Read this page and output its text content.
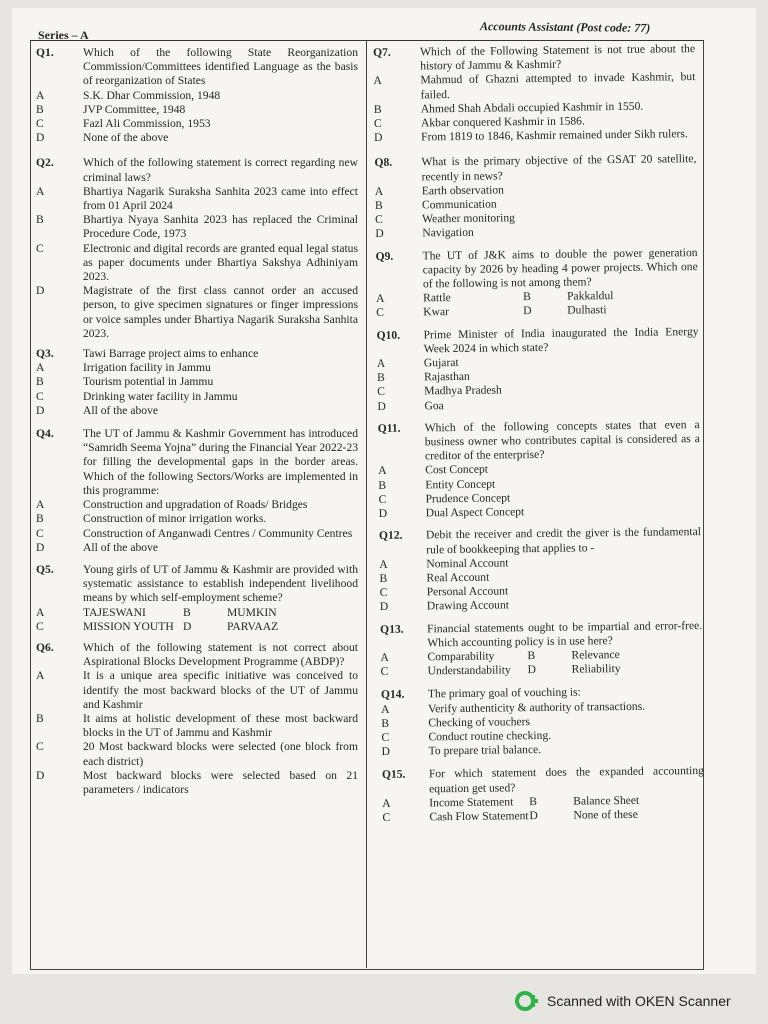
Series – A
Accounts Assistant (Post code: 77)
Q1.	Which of the following State Reorganization Commission/Committees identified Language as the basis of reorganization of States
A	S.K. Dhar Commission, 1948
B	JVP Committee, 1948
C	Fazl Ali Commission, 1953
D	None of the above
Q2.	Which of the following statement is correct regarding new criminal laws?
A	Bhartiya Nagarik Suraksha Sanhita 2023 came into effect from 01 April 2024
B	Bhartiya Nyaya Sanhita 2023 has replaced the Criminal Procedure Code, 1973
C	Electronic and digital records are granted equal legal status as paper documents under Bhartiya Sakshya Adhiniyam 2023.
D	Magistrate of the first class cannot order an accused person, to give specimen signatures or finger impressions or voice samples under Bhartiya Nagarik Suraksha Sanhita 2023.
Q3.	Tawi Barrage project aims to enhance
A	Irrigation facility in Jammu
B	Tourism potential in Jammu
C	Drinking water facility in Jammu
D	All of the above
Q4.	The UT of Jammu & Kashmir Government has introduced “Samridh Seema Yojna” during the Financial Year 2022-23 for filling the developmental gaps in the border areas. Which of the following Sectors/Works are implemented in this programme:
A	Construction and upgradation of Roads/ Bridges
B	Construction of minor irrigation works.
C	Construction of Anganwadi Centres / Community Centres
D	All of the above
Q5.	Young girls of UT of Jammu & Kashmir are provided with systematic assistance to establish independent livelihood means by which self-employment scheme?
A	TAJESWANI	B	MUMKIN
C	MISSION YOUTH D	PARVAAZ
Q6.	Which of the following statement is not correct about Aspirational Blocks Development Programme (ABDP)?
A	It is a unique area specific initiative was conceived to identify the most backward blocks of the UT of Jammu and Kashmir
B	It aims at holistic development of these most backward blocks in the UT of Jammu and Kashmir
C	20 Most backward blocks were selected (one block from each district)
D	Most backward blocks were selected based on 21 parameters / indicators
Q7.	Which of the Following Statement is not true about the history of Jammu & Kashmir?
A	Mahmud of Ghazni attempted to invade Kashmir, but failed.
B	Ahmed Shah Abdali occupied Kashmir in 1550.
C	Akbar conquered Kashmir in 1586.
D	From 1819 to 1846, Kashmir remained under Sikh rulers.
Q8.	What is the primary objective of the GSAT 20 satellite, recently in news?
A	Earth observation
B	Communication
C	Weather monitoring
D	Navigation
Q9.	The UT of J&K aims to double the power generation capacity by 2026 by heading 4 power projects. Which one of the following is not among them?
A	Rattle	B	Pakkaldul
C	Kwar	D	Dulhasti
Q10.	Prime Minister of India inaugurated the India Energy Week 2024 in which state?
A	Gujarat
B	Rajasthan
C	Madhya Pradesh
D	Goa
Q11.	Which of the following concepts states that even a business owner who contributes capital is considered as a creditor of the enterprise?
A	Cost Concept
B	Entity Concept
C	Prudence Concept
D	Dual Aspect Concept
Q12.	Debit the receiver and credit the giver is the fundamental rule of bookkeeping that applies to -
A	Nominal Account
B	Real Account
C	Personal Account
D	Drawing Account
Q13.	Financial statements ought to be impartial and error-free. Which accounting policy is in use here?
A	Comparability	B	Relevance
C	Understandability	D	Reliability
Q14.	The primary goal of vouching is:
A	Verify authenticity & authority of transactions.
B	Checking of vouchers
C	Conduct routine checking.
D	To prepare trial balance.
Q15.	For which statement does the expanded accounting equation get used?
A	Income Statement	B	Balance Sheet
C	Cash Flow Statement D	None of these
Scanned with OKEN Scanner
